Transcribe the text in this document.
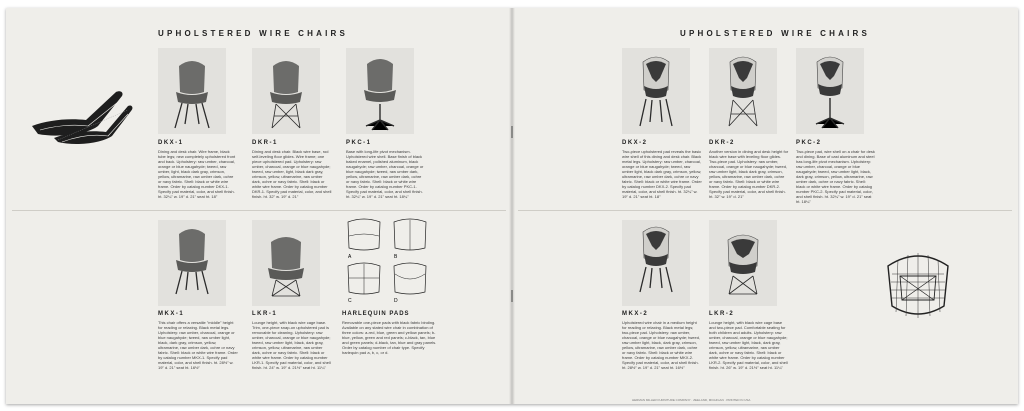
UPHOLSTERED WIRE CHAIRS
DKX-1
Dining and desk chair. Wire frame, black tube legs; new completely upholstered front and back. Upholstery: raw umber, charcoal, orange or blue naugahyde; tweed, raw umber, light, black dark gray, crimson, yellow, ultramarine, raw umber dark, ochre or navy fabric. Shell: black or white wire frame. Order by catalog number DKX-1. Specify pad material, color, and shell finish. ht. 32¼" w. 19" d. 21" seat ht. 18"
DKR-1
Dining and desk chair. Black wire base, rod self-leveling floor glides. Wire frame; one piece upholstered pad. Upholstery: raw umber, charcoal, orange or blue naugahyde; tweed, raw umber, light, black dark gray, crimson, yellow, ultramarine, raw umber dark, ochre or navy fabric. Shell: black or white wire frame. Order by catalog number DKR-1. Specify pad material, color, and shell finish. ht. 32" w. 19" d. 21"
PKC-1
Base with long-life pivot mechanism. Upholstered wire shell. Base finish of black baked enamel, polished aluminum, black naugahyde; raw umber, charcoal, orange or blue naugahyde; tweed, raw umber dark, yellow, ultramarine, raw umber dark, ochre or navy fabric. Shell: black or white wire frame. Order by catalog number PKC-1. Specify pad material, color, and shell finish. ht. 32¼" w. 19" d. 21" seat ht. 18¼"
MKX-1
This chair offers a versatile "middle" height for reading or relaxing. Black metal legs. Upholstery: raw umber, charcoal, orange or blue naugahyde; tweed, raw umber light, black, dark gray, crimson, yellow, ultramarine, raw umber dark, ochre or navy fabric. Shell: black or white wire frame. Order by catalog number MKX-1. Specify pad material, color, and shell finish. ht. 28½" w. 19" d. 21" seat ht. 16½"
LKR-1
Lounge height, with black wire cage base. Trim, one-piece snap-on upholstered pad is removable for cleaning. Upholstery: raw umber, charcoal, orange or blue naugahyde; tweed, raw umber light, black, dark gray, crimson, yellow, ultramarine, raw umber dark, ochre or navy fabric. Shell: black or white wire frame. Order by catalog number LKR-1. Specify pad material, color, and shell finish. ht. 24" w. 19" d. 21½" seat ht. 11¼"
A	B
C	D
HARLEQUIN PADS
Removable one-piece pads with black fabric binding. Available on any stated wire chair in combination of three colors: a-red, blue, green and yellow panels; b-blue, yellow, green and red panels; c-black, tan, blue and green panels; d-black, tan, blue and gray panels. Order by catalog number of chair type. Specify harlequin pad a, b, c, or d.
UPHOLSTERED WIRE CHAIRS
DKX-2
Two-piece upholstered pad reveals the basic wire shell of this dining and desk chair. Black metal legs. Upholstery: raw umber, charcoal, orange or blue naugahyde; tweed, raw umber light, black dark gray, crimson, yellow, ultramarine, raw umber dark, ochre or navy fabric. Shell: black or white wire frame. Order by catalog number DKX-2. Specify pad material, color, and shell finish. ht. 32¼" w. 19" d. 21" seat ht. 18"
DKR-2
Another version in dining and desk height for black wire base with leveling floor glides. Two-piece pad. Upholstery: raw umber, charcoal, orange or blue naugahyde; tweed, raw umber light, black dark gray, crimson, yellow, ultramarine, raw umber dark, ochre or navy fabric. Shell: black or white wire frame. Order by catalog number DKR-2. Specify pad material, color, and shell finish. ht. 32" w. 19" d. 21"
PKC-2
Two-piece pad, wire shell on a chair for desk and dining. Base of cast aluminum and steel has long-life pivot mechanism. Upholstery: raw umber, charcoal, orange or blue naugahyde; tweed, raw umber light, black, dark gray, crimson, yellow, ultramarine, raw umber dark, ochre or navy fabric. Shell: black or white wire frame. Order by catalog number PKC-2. Specify pad material, color, and shell finish. ht. 32¼" w. 19" d. 21" seat ht. 18¼"
MKX-2
Upholstered wire chair in a medium height for reading or relaxing. Black metal legs; two-piece pad. Upholstery: raw umber, charcoal, orange or blue naugahyde; tweed, raw umber light, black, dark gray, crimson, yellow, ultramarine, raw umber dark, ochre or navy fabric. Shell: black or white wire frame. Order by catalog number MKX-2. Specify pad material, color, and shell finish. ht. 28½" w. 19" d. 21" seat ht. 16½"
LKR-2
Lounge height, with black wire cage base and two-piece pad. Comfortable seating for both children and adults. Upholstery: raw umber, charcoal, orange or blue naugahyde; tweed, raw umber light, black, dark gray, crimson, yellow, ultramarine, raw umber dark, ochre or navy fabric. Shell: black or white wire frame. Order by catalog number LKR-2. Specify pad material, color, and shell finish. ht. 26" w. 19" d. 21½" seat ht. 11¼"
HERMAN MILLER FURNITURE COMPANY · ZEELAND, MICHIGAN · PRINTED IN USA
